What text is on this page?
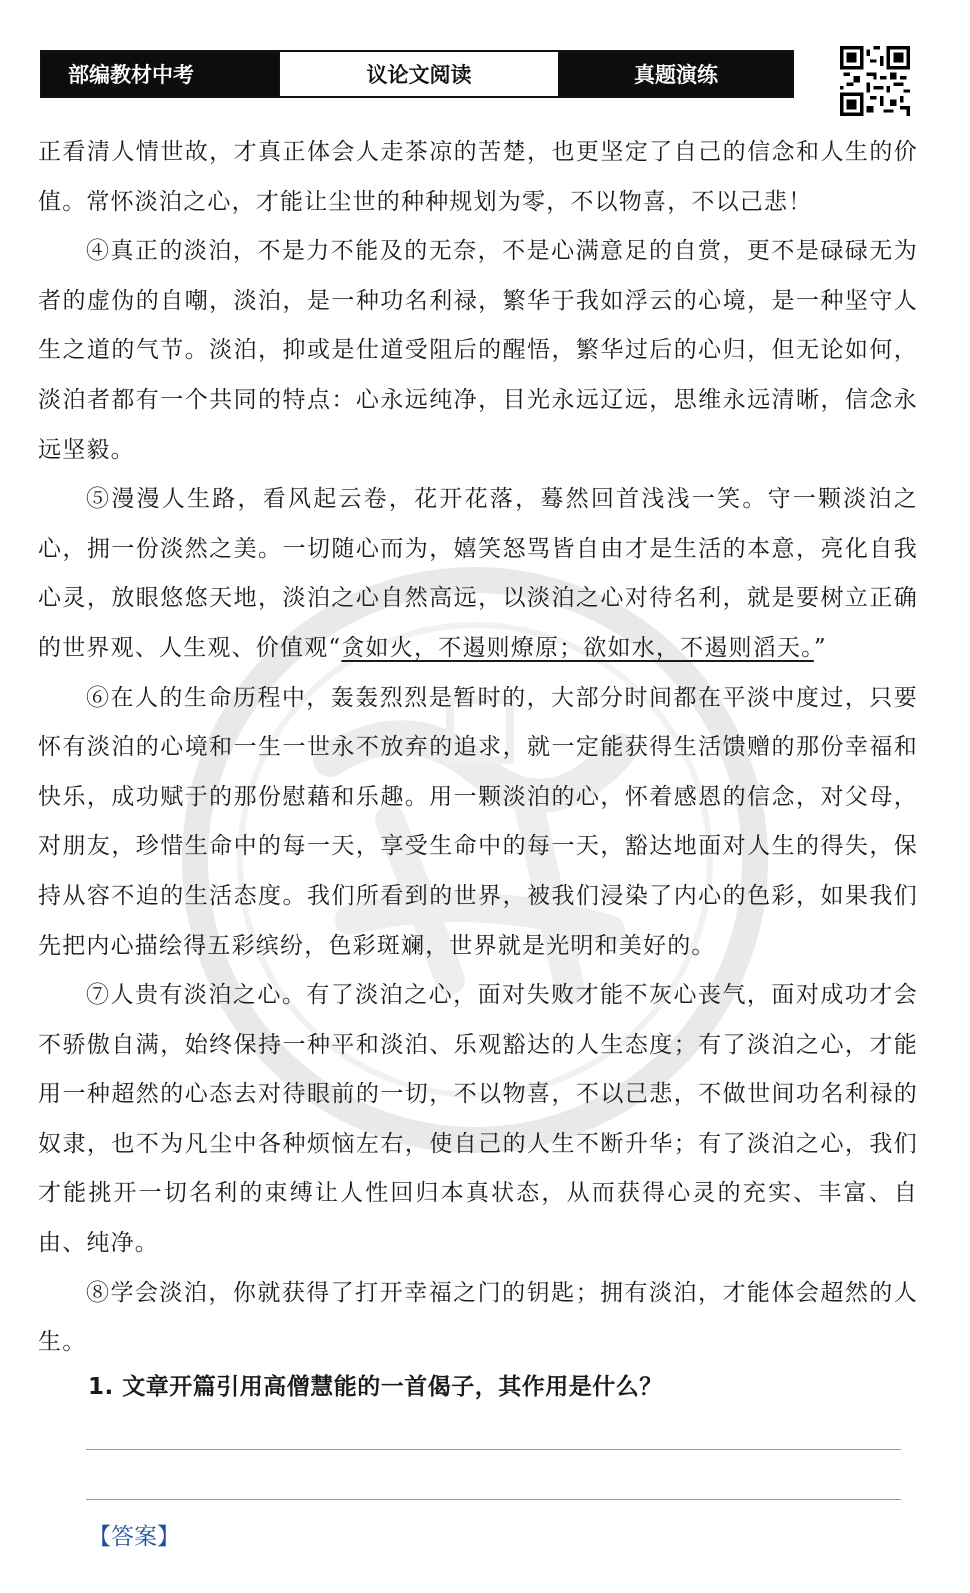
部编教材中考	议论文阅读	真题演练

正看清人情世故，才真正体会人走茶凉的苦楚，也更坚定了自己的信念和人生的价值。常怀淡泊之心，才能让尘世的种种规划为零，不以物喜，不以己悲！

④真正的淡泊，不是力不能及的无奈，不是心满意足的自赏，更不是碌碌无为者的虚伪的自嘲，淡泊，是一种功名利禄，繁华于我如浮云的心境，是一种坚守人生之道的气节。淡泊，抑或是仕道受阻后的醒悟，繁华过后的心归，但无论如何，淡泊者都有一个共同的特点：心永远纯净，目光永远辽远，思维永远清晰，信念永远坚毅。

⑤漫漫人生路，看风起云卷，花开花落，蓦然回首浅浅一笑。守一颗淡泊之心，拥一份淡然之美。一切随心而为，嬉笑怒骂皆自由才是生活的本意，亮化自我心灵，放眼悠悠天地，淡泊之心自然高远，以淡泊之心对待名利，就是要树立正确的世界观、人生观、价值观“贪如火，不遏则燎原；欲如水，不遏则滔天。”

⑥在人的生命历程中，轰轰烈烈是暂时的，大部分时间都在平淡中度过，只要怀有淡泊的心境和一生一世永不放弃的追求，就一定能获得生活馈赠的那份幸福和快乐，成功赋于的那份慰藉和乐趣。用一颗淡泊的心，怀着感恩的信念，对父母，对朋友，珍惜生命中的每一天，享受生命中的每一天，豁达地面对人生的得失，保持从容不迫的生活态度。我们所看到的世界，被我们浸染了内心的色彩，如果我们先把内心描绘得五彩缤纷，色彩斑斓，世界就是光明和美好的。

⑦人贵有淡泊之心。有了淡泊之心，面对失败才能不灰心丧气，面对成功才会不骄傲自满，始终保持一种平和淡泊、乐观豁达的人生态度；有了淡泊之心，才能用一种超然的心态去对待眼前的一切，不以物喜，不以己悲，不做世间功名利禄的奴隶，也不为凡尘中各种烦恼左右，使自己的人生不断升华；有了淡泊之心，我们才能挑开一切名利的束缚让人性回归本真状态，从而获得心灵的充实、丰富、自由、纯净。

⑧学会淡泊，你就获得了打开幸福之门的钥匙；拥有淡泊，才能体会超然的人生。

1. 文章开篇引用高僧慧能的一首偈子，其作用是什么？
【答案】
